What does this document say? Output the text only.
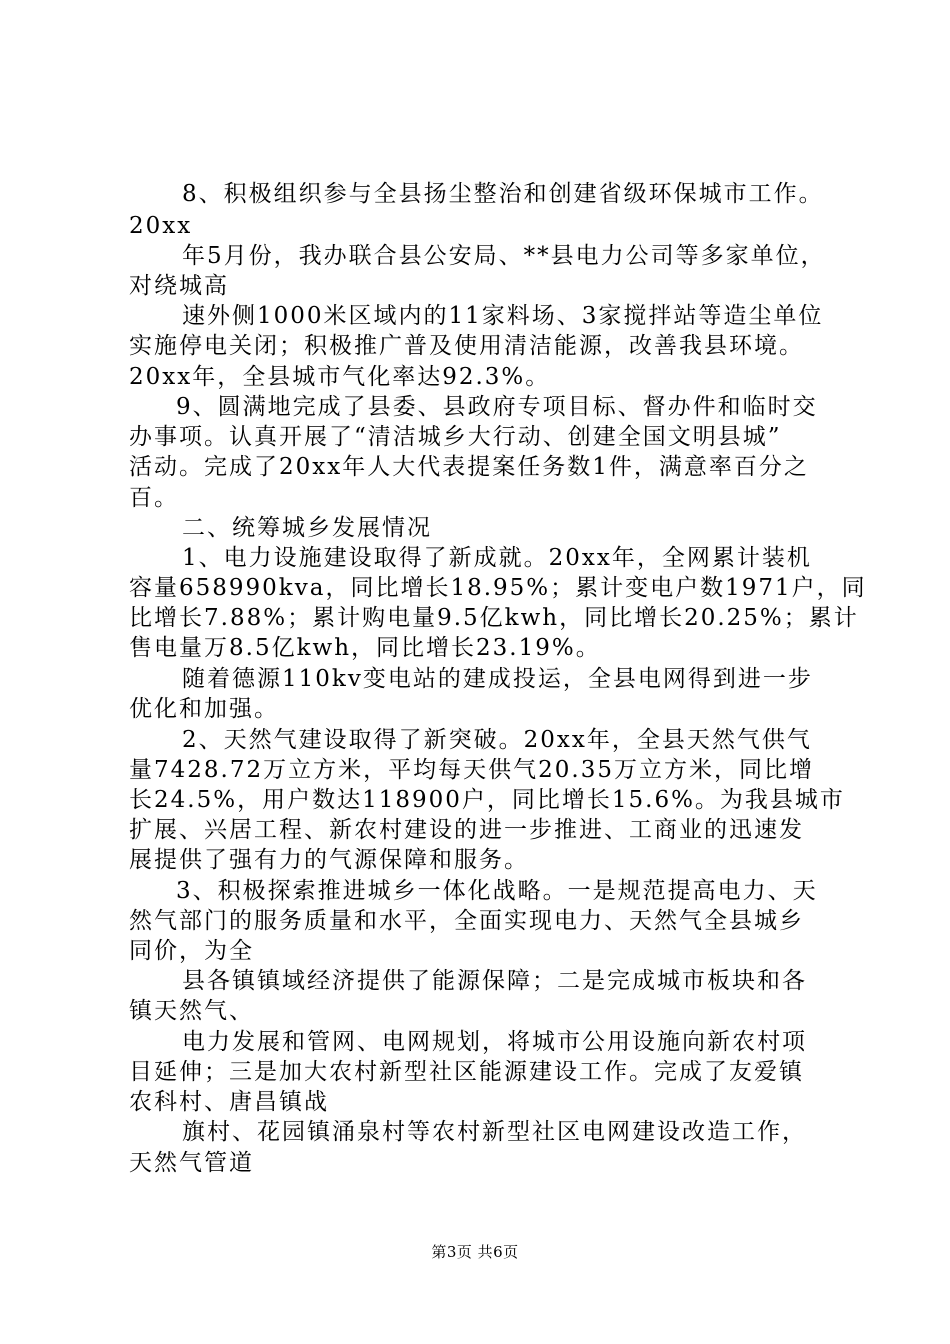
8、积极组织参与全县扬尘整治和创建省级环保城市工作。
20xx
年5月份，我办联合县公安局、**县电力公司等多家单位，
对绕城高
速外侧1000米区域内的11家料场、3家搅拌站等造尘单位
实施停电关闭；积极推广普及使用清洁能源，改善我县环境。
20xx年，全县城市气化率达92.3%。
9、圆满地完成了县委、县政府专项目标、督办件和临时交
办事项。认真开展了“清洁城乡大行动、创建全国文明县城”
活动。完成了20xx年人大代表提案任务数1件，满意率百分之
百。
二、统筹城乡发展情况
1、电力设施建设取得了新成就。20xx年，全网累计装机
容量658990kva，同比增长18.95%；累计变电户数1971户，同
比增长7.88%；累计购电量9.5亿kwh，同比增长20.25%；累计
售电量万8.5亿kwh，同比增长23.19%。
随着德源110kv变电站的建成投运，全县电网得到进一步
优化和加强。
2、天然气建设取得了新突破。20xx年，全县天然气供气
量7428.72万立方米，平均每天供气20.35万立方米，同比增
长24.5%，用户数达118900户，同比增长15.6%。为我县城市
扩展、兴居工程、新农村建设的进一步推进、工商业的迅速发
展提供了强有力的气源保障和服务。
3、积极探索推进城乡一体化战略。一是规范提高电力、天
然气部门的服务质量和水平，全面实现电力、天然气全县城乡
同价，为全
县各镇镇域经济提供了能源保障；二是完成城市板块和各
镇天然气、
电力发展和管网、电网规划，将城市公用设施向新农村项
目延伸；三是加大农村新型社区能源建设工作。完成了友爱镇
农科村、唐昌镇战
旗村、花园镇涌泉村等农村新型社区电网建设改造工作，
天然气管道
第3页 共6页
